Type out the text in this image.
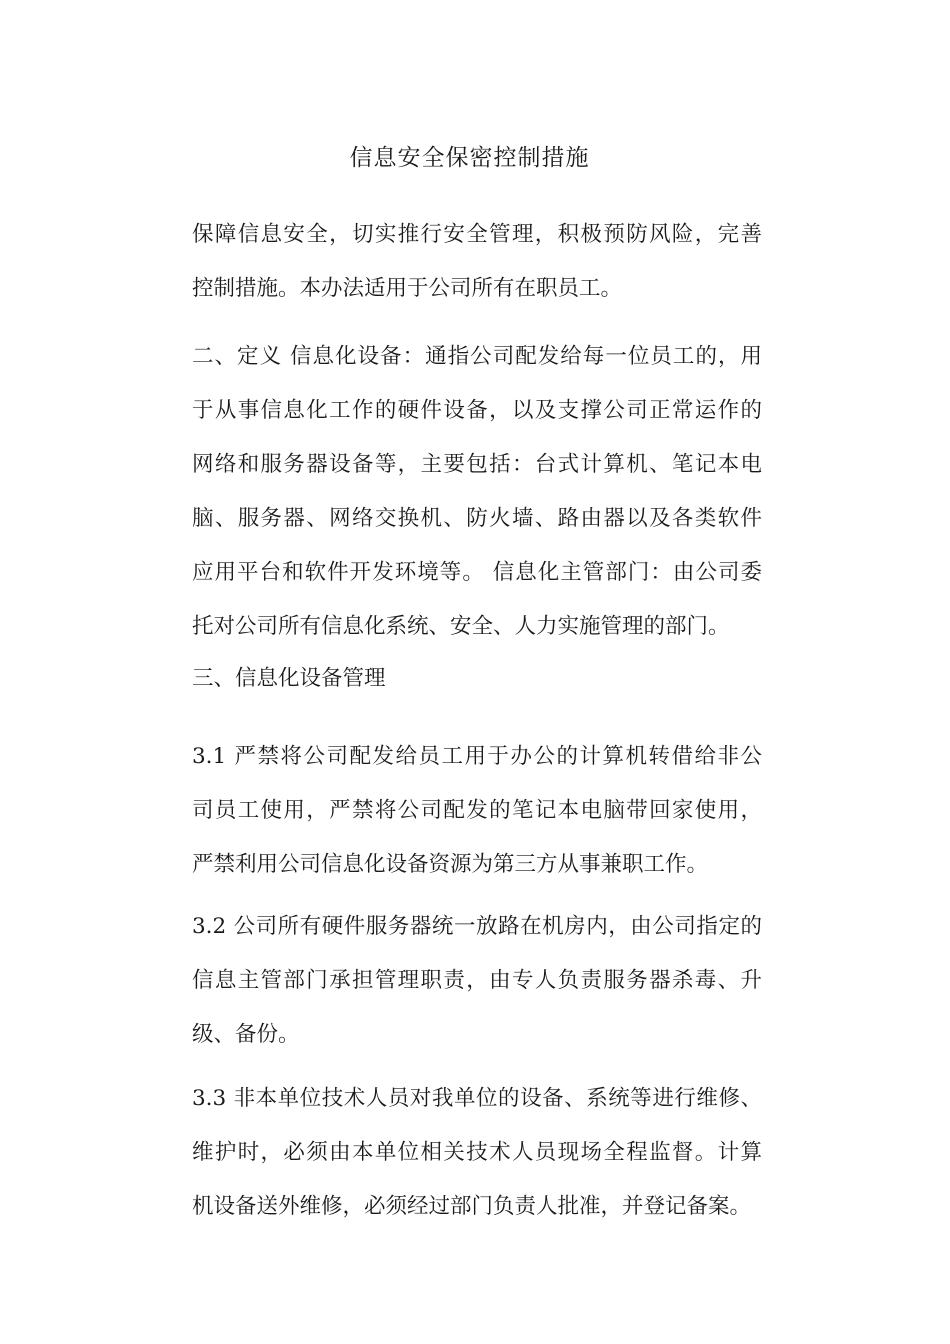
信息安全保密控制措施

保障信息安全，切实推行安全管理，积极预防风险，完善
控制措施。本办法适用于公司所有在职员工。

二、定义 信息化设备：通指公司配发给每一位员工的，用
于从事信息化工作的硬件设备，以及支撑公司正常运作的
网络和服务器设备等，主要包括：台式计算机、笔记本电
脑、服务器、网络交换机、防火墙、路由器以及各类软件
应用平台和软件开发环境等。 信息化主管部门：由公司委
托对公司所有信息化系统、安全、人力实施管理的部门。

三、信息化设备管理

3.1 严禁将公司配发给员工用于办公的计算机转借给非公
司员工使用，严禁将公司配发的笔记本电脑带回家使用，
严禁利用公司信息化设备资源为第三方从事兼职工作。

3.2 公司所有硬件服务器统一放路在机房内，由公司指定的
信息主管部门承担管理职责，由专人负责服务器杀毒、升
级、备份。

3.3 非本单位技术人员对我单位的设备、系统等进行维修、
维护时，必须由本单位相关技术人员现场全程监督。计算
机设备送外维修，必须经过部门负责人批准，并登记备案。
